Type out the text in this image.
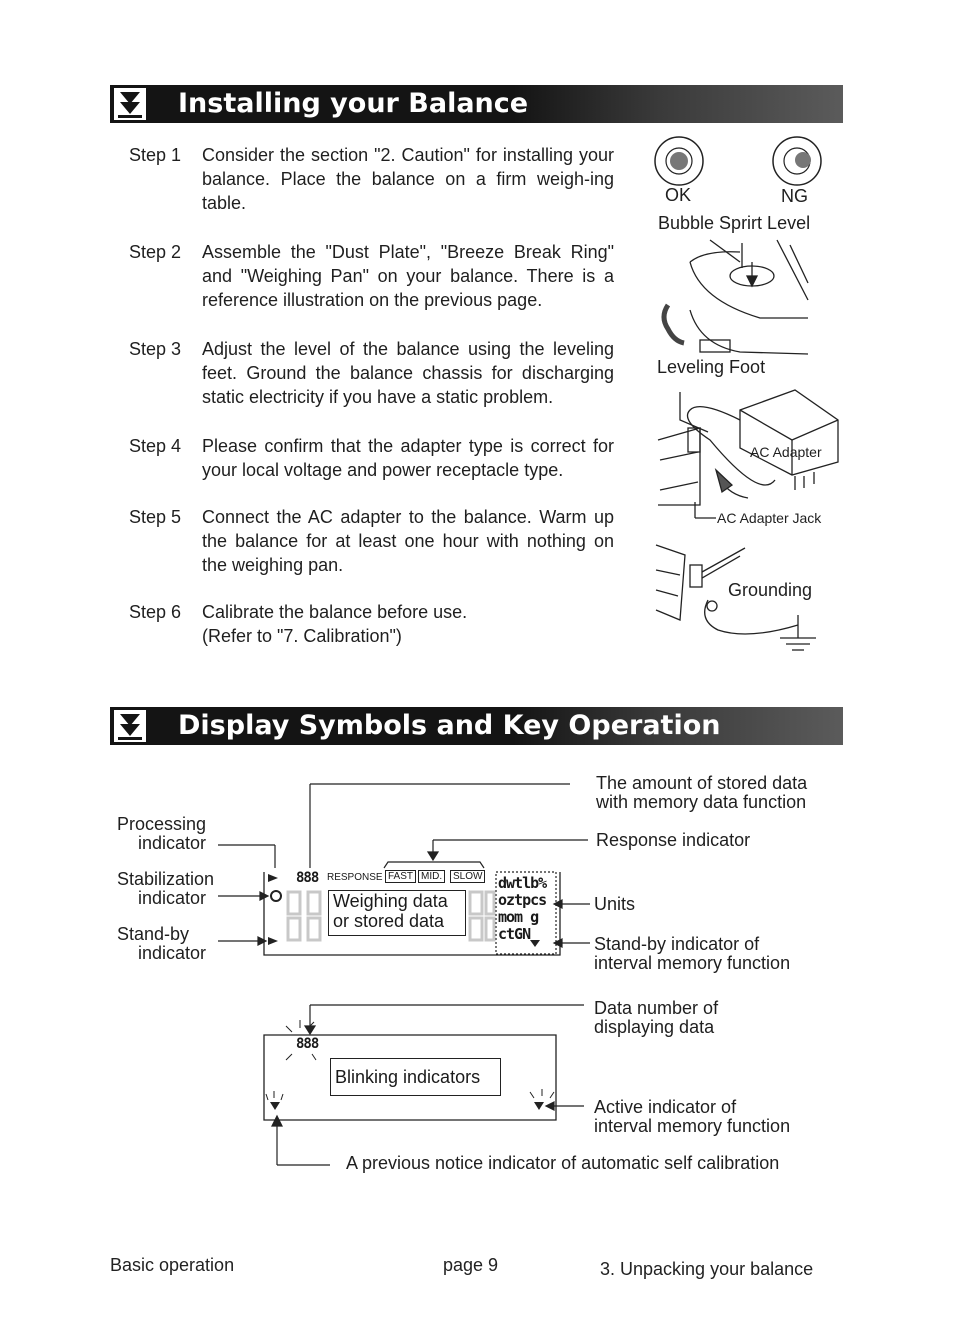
Installing your Balance
Step 1	Consider the section "2. Caution" for installing your balance. Place the balance on a firm weigh-ing table.
Step 2	Assemble the "Dust Plate", "Breeze Break Ring" and "Weighing Pan" on your balance. There is a reference illustration on the previous page.
Step 3	Adjust the level of the balance using the leveling feet. Ground the balance chassis for discharging static electricity if you have a static problem.
Step 4	Please confirm that the adapter type is correct for your local voltage and power receptacle type.
Step 5	Connect the AC adapter to the balance. Warm up the balance for at least one hour with nothing on the weighing pan.
Step 6	Calibrate the balance before use. (Refer to "7. Calibration")
OK	NG
Bubble Sprirt Level
Leveling Foot
AC Adapter
AC Adapter Jack
Grounding
Display Symbols and Key Operation
Processing
indicator
Stabilization
indicator
Stand-by
indicator
The amount of stored data
with memory data function
Response indicator
Units
Stand-by indicator of
interval memory function
Data number of
displaying data
Active indicator of
interval memory function
A previous notice indicator of automatic self calibration
888 RESPONSE FAST MID.	SLOW
Weighing data
or stored data
dwtlb%
oztpcs
mom g
ctGN
888
Blinking indicators
Basic operation	page 9	3. Unpacking your balance
